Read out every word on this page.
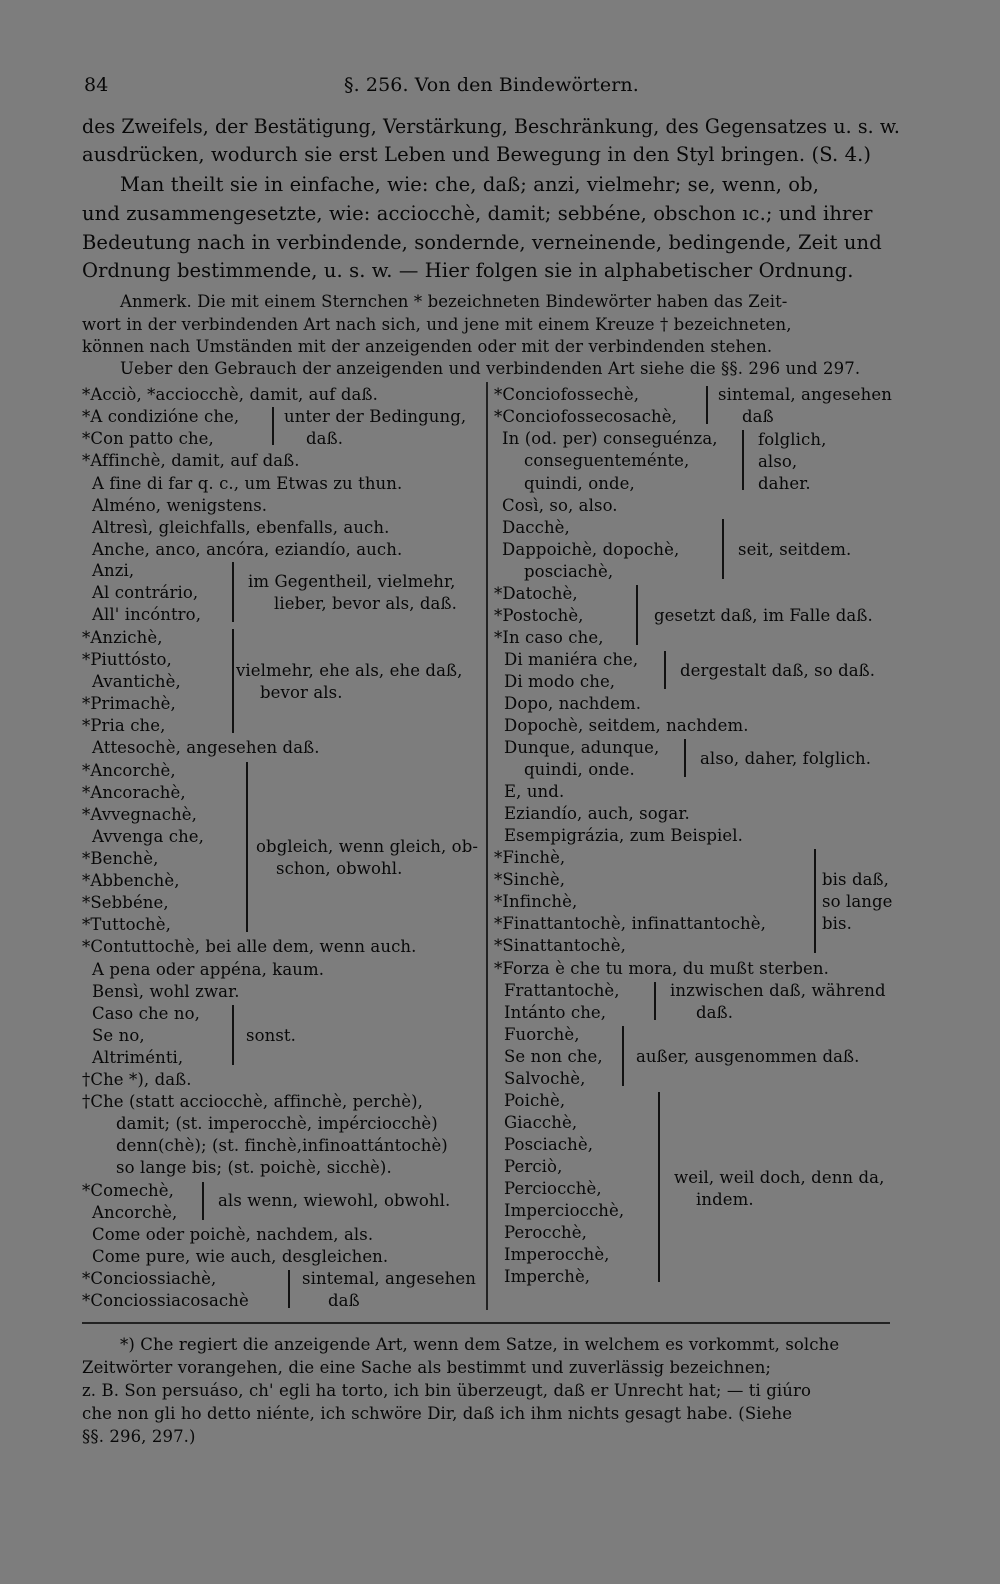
84	§. 256. Von den Bindewörtern.
des Zweifels, der Bestätigung, Verstärkung, Beschränkung, des Gegensatzes u. s. w.
ausdrücken, wodurch sie erst Leben und Bewegung in den Styl bringen. (S. 4.)
Man theilt sie in einfache, wie: che, daß; anzi, vielmehr; se, wenn, ob,
und zusammengesetzte, wie: acciocchè, damit; sebbéne, obschon ıc.; und ihrer
Bedeutung nach in verbindende, sondernde, verneinende, bedingende, Zeit und
Ordnung bestimmende, u. s. w. — Hier folgen sie in alphabetischer Ordnung.
Anmerk. Die mit einem Sternchen * bezeichneten Bindewörter haben das Zeit-
wort in der verbindenden Art nach sich, und jene mit einem Kreuze † bezeichneten,
können nach Umständen mit der anzeigenden oder mit der verbindenden stehen.
Ueber den Gebrauch der anzeigenden und verbindenden Art siehe die §§. 296 und 297.
*Acciò, *acciocchè, damit, auf daß.
*A condizióne che,
*Con patto che,
*Affinchè, damit, auf daß.
A fine di far q. c., um Etwas zu thun.
Alméno, wenigstens.
Altresì, gleichfalls, ebenfalls, auch.
Anche, anco, ancóra, eziandío, auch.
Anzi,
Al contrário,
All' incóntro,
*Anzichè,
*Piuttósto,
Avantichè,
*Primachè,
*Pria che,
Attesochè, angesehen daß.
*Ancorchè,
*Ancorachè,
*Avvegnachè,
Avvenga che,
*Benchè,
*Abbenchè,
*Sebbéne,
*Tuttochè,
*Contuttochè, bei alle dem, wenn auch.
A pena oder appéna, kaum.
Bensì, wohl zwar.
Caso che no,
Se no,
Altriménti,
†Che *), daß.
†Che (statt acciocchè, affinchè, perchè),
damit; (st. imperocchè, impérciocchè)
denn(chè); (st. finchè,infinoattántochè)
so lange bis; (st. poichè, sicchè).
*Comechè,
Ancorchè,
Come oder poichè, nachdem, als.
Come pure, wie auch, desgleichen.
*Conciossiachè,
*Conciossiacosachè
unter der Bedingung,
daß.
im Gegentheil, vielmehr,
lieber, bevor als, daß.
vielmehr, ehe als, ehe daß,
bevor als.
obgleich, wenn gleich, ob-
schon, obwohl.
sonst.
als wenn, wiewohl, obwohl.
sintemal, angesehen
daß
*Conciofossechè,
*Conciofossecosachè,
In (od. per) conseguénza,
conseguenteménte,
quindi, onde,
Così, so, also.
Dacchè,
Dappoichè, dopochè,
posciachè,
*Datochè,
*Postochè,
*In caso che,
Di maniéra che,
Di modo che,
Dopo, nachdem.
Dopochè, seitdem, nachdem.
Dunque, adunque,
quindi, onde.
E, und.
Eziandío, auch, sogar.
Esempigrázia, zum Beispiel.
*Finchè,
*Sinchè,
*Infinchè,
*Finattantochè, infinattantochè,
*Sinattantochè,
*Forza è che tu mora, du mußt sterben.
Frattantochè,
Intánto che,
Fuorchè,
Se non che,
Salvochè,
Poichè,
Giacchè,
Posciachè,
Perciò,
Perciocchè,
Imperciocchè,
Perocchè,
Imperocchè,
Imperchè,
sintemal, angesehen
daß
folglich,
also,
daher.
seit, seitdem.
gesetzt daß, im Falle daß.
dergestalt daß, so daß.
also, daher, folglich.
bis daß,
so lange
bis.
inzwischen daß, während
daß.
außer, ausgenommen daß.
weil, weil doch, denn da,
indem.
*) Che regiert die anzeigende Art, wenn dem Satze, in welchem es vorkommt, solche
Zeitwörter vorangehen, die eine Sache als bestimmt und zuverlässig bezeichnen;
z. B. Son persuáso, ch' egli ha torto, ich bin überzeugt, daß er Unrecht hat; — ti giúro
che non gli ho detto niénte, ich schwöre Dir, daß ich ihm nichts gesagt habe. (Siehe
§§. 296, 297.)
